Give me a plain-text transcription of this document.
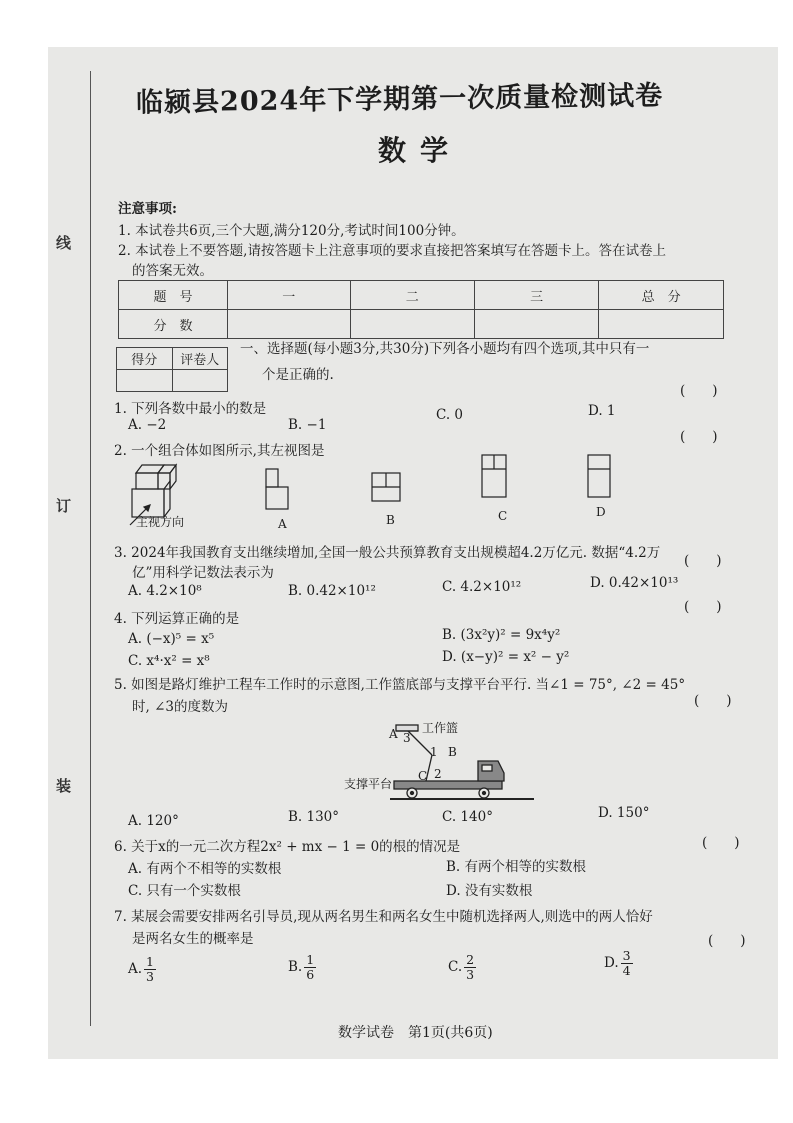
线
订
装
临颍县2024年下学期第一次质量检测试卷
数学
注意事项:
1. 本试卷共6页,三个大题,满分120分,考试时间100分钟。
2. 本试卷上不要答题,请按答题卡上注意事项的要求直接把答案填写在答题卡上。答在试卷上
的答案无效。
题　号	一	二	三	总　分
分　数				
得分	评卷人

一、选择题(每小题3分,共30分)下列各小题均有四个选项,其中只有一
个是正确的.
(　　)
1. 下列各数中最小的数是
A. −2	B. −1
C. 0	D. 1
2. 一个组合体如图所示,其左视图是
(　　)
主视方向	A	B	C	D
3. 2024年我国教育支出继续增加,全国一般公共预算教育支出规模超4.2万亿元. 数据“4.2万 (　　)
亿”用科学记数法表示为
A. 4.2×10⁸	B. 0.42×10¹²	C. 4.2×10¹²	D. 0.42×10¹³
4. 下列运算正确的是
(　　)
A. (−x)⁵ = x⁵	B. (3x²y)² = 9x⁴y²
C. x⁴·x² = x⁸	D. (x−y)² = x² − y²
5. 如图是路灯维护工程车工作时的示意图,工作篮底部与支撑平台平行. 当∠1 = 75°, ∠2 = 45°
时, ∠3的度数为	(　　)
工作篮
A 3
1 B
C 2
支撑平台
A. 120°	B. 130°	C. 140°	D. 150°
6. 关于x的一元二次方程2x² + mx − 1 = 0的根的情况是	(　　)
A. 有两个不相等的实数根	B. 有两个相等的实数根
C. 只有一个实数根	D. 没有实数根
7. 某展会需要安排两名引导员,现从两名男生和两名女生中随机选择两人,则选中的两人恰好
是两名女生的概率是	(　　)
A. $\frac{1}{3}$	B. $\frac{1}{6}$	C. $\frac{2}{3}$	D. $\frac{3}{4}$
数学试卷　第1页(共6页)
